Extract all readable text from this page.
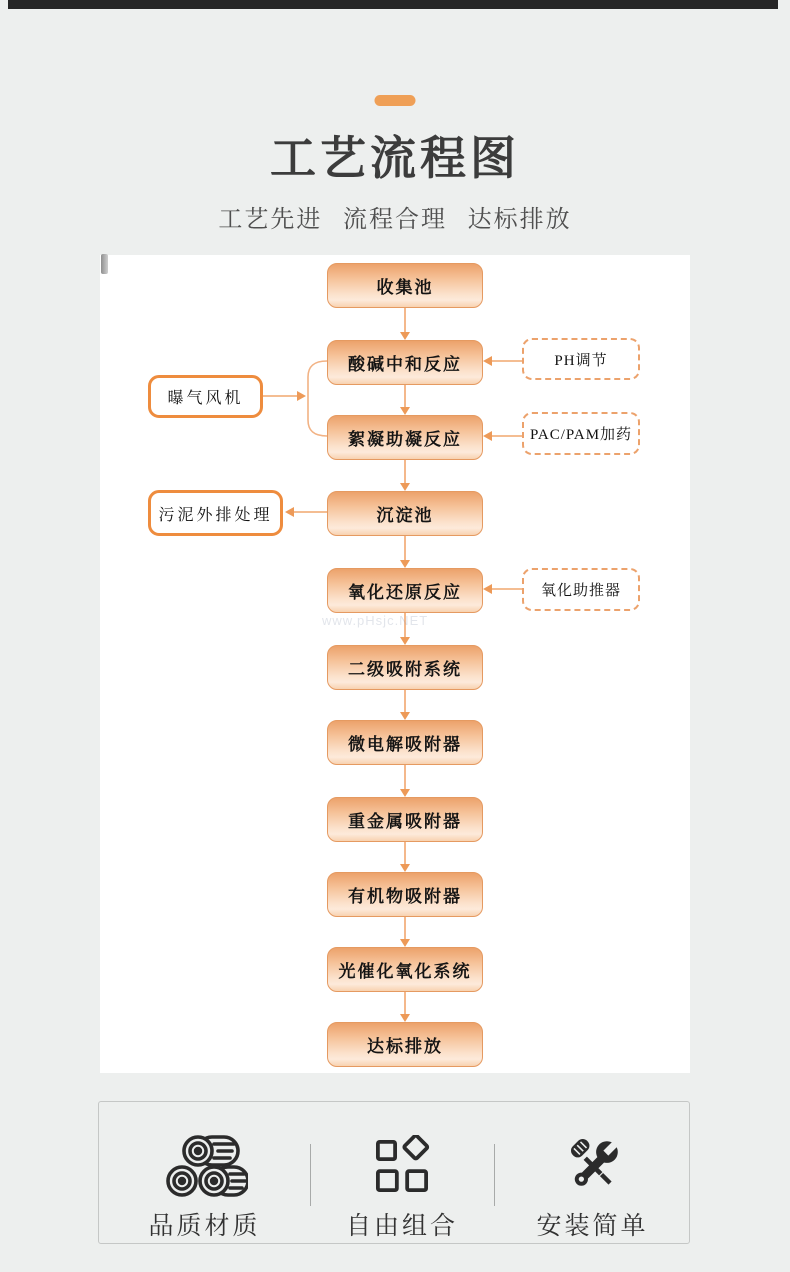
工艺流程图
工艺先进 流程合理 达标排放
www.pHsjc.NET
收集池
酸碱中和反应
絮凝助凝反应
沉淀池
氧化还原反应
二级吸附系统
微电解吸附器
重金属吸附器
有机物吸附器
光催化氧化系统
达标排放
曝气风机
PH调节
PAC/PAM加药
污泥外排处理
氧化助推器
品质材质	自由组合	安装简单
